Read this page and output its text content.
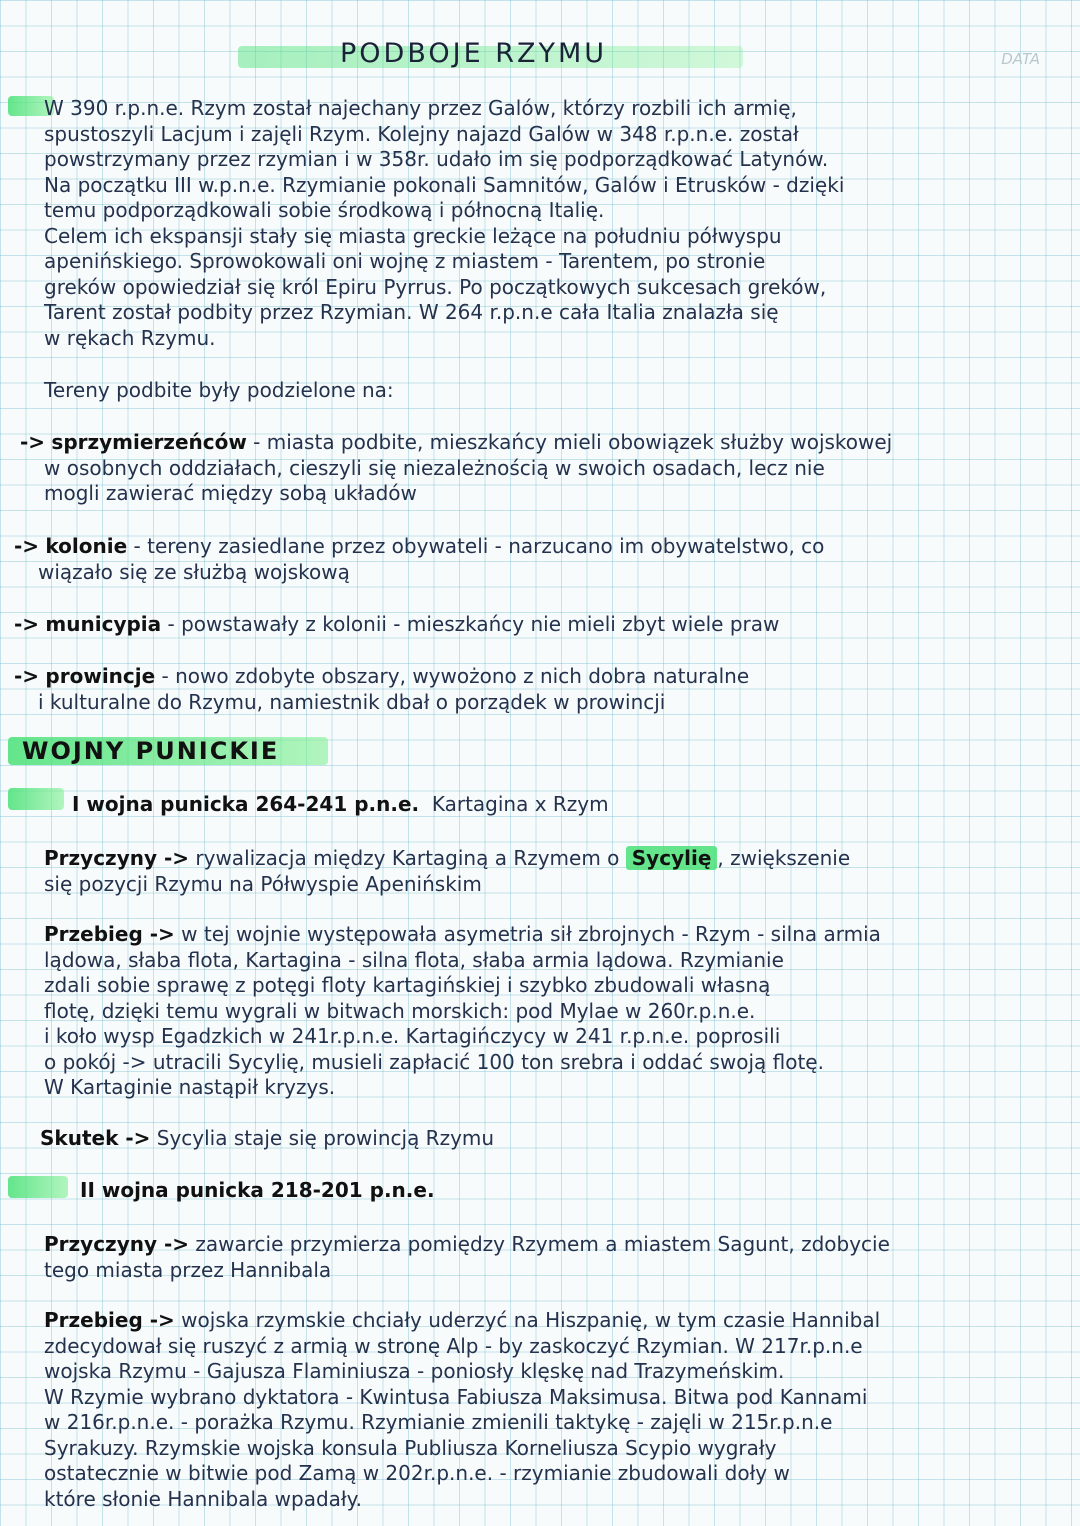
PODBOJE RZYMU	DATA

W 390 r.p.n.e. Rzym został najechany przez Galów, którzy rozbili ich armię,

spustoszyli Lacjum i zajęli Rzym. Kolejny najazd Galów w 348 r.p.n.e. został

powstrzymany przez rzymian i w 358r. udało im się podporządkować Latynów.

Na początku III w.p.n.e. Rzymianie pokonali Samnitów, Galów i Etrusków - dzięki

temu podporządkowali sobie środkową i północną Italię.

Celem ich ekspansji stały się miasta greckie leżące na południu półwyspu

apenińskiego. Sprowokowali oni wojnę z miastem - Tarentem, po stronie

greków opowiedział się król Epiru Pyrrus. Po początkowych sukcesach greków,

Tarent został podbity przez Rzymian. W 264 r.p.n.e cała Italia znalazła się

w rękach Rzymu.

Tereny podbite były podzielone na:

-> sprzymierzeńców - miasta podbite, mieszkańcy mieli obowiązek służby wojskowej

w osobnych oddziałach, cieszyli się niezależnością w swoich osadach, lecz nie

mogli zawierać między sobą układów

-> kolonie - tereny zasiedlane przez obywateli - narzucano im obywatelstwo, co

wiązało się ze służbą wojskową

-> municypia - powstawały z kolonii - mieszkańcy nie mieli zbyt wiele praw

-> prowincje - nowo zdobyte obszary, wywożono z nich dobra naturalne

i kulturalne do Rzymu, namiestnik dbał o porządek w prowincji

WOJNY PUNICKIE

I wojna punicka 264-241 p.n.e. Kartagina x Rzym

Przyczyny -> rywalizacja między Kartaginą a Rzymem o Sycylię , zwiększenie

się pozycji Rzymu na Półwyspie Apenińskim

Przebieg -> w tej wojnie występowała asymetria sił zbrojnych - Rzym - silna armia

lądowa, słaba flota, Kartagina - silna flota, słaba armia lądowa. Rzymianie

zdali sobie sprawę z potęgi floty kartagińskiej i szybko zbudowali własną

flotę, dzięki temu wygrali w bitwach morskich: pod Mylae w 260r.p.n.e.

i koło wysp Egadzkich w 241r.p.n.e. Kartagińczycy w 241 r.p.n.e. poprosili

o pokój -> utracili Sycylię, musieli zapłacić 100 ton srebra i oddać swoją flotę.

W Kartaginie nastąpił kryzys.

Skutek -> Sycylia staje się prowincją Rzymu

II wojna punicka 218-201 p.n.e.

Przyczyny -> zawarcie przymierza pomiędzy Rzymem a miastem Sagunt, zdobycie

tego miasta przez Hannibala

Przebieg -> wojska rzymskie chciały uderzyć na Hiszpanię, w tym czasie Hannibal

zdecydował się ruszyć z armią w stronę Alp - by zaskoczyć Rzymian. W 217r.p.n.e

wojska Rzymu - Gajusza Flaminiusza - poniosły klęskę nad Trazymeńskim.

W Rzymie wybrano dyktatora - Kwintusa Fabiusza Maksimusa. Bitwa pod Kannami

w 216r.p.n.e. - porażka Rzymu. Rzymianie zmienili taktykę - zajęli w 215r.p.n.e

Syrakuzy. Rzymskie wojska konsula Publiusza Korneliusza Scypio wygrały

ostatecznie w bitwie pod Zamą w 202r.p.n.e. - rzymianie zbudowali doły w

które słonie Hannibala wpadały.
